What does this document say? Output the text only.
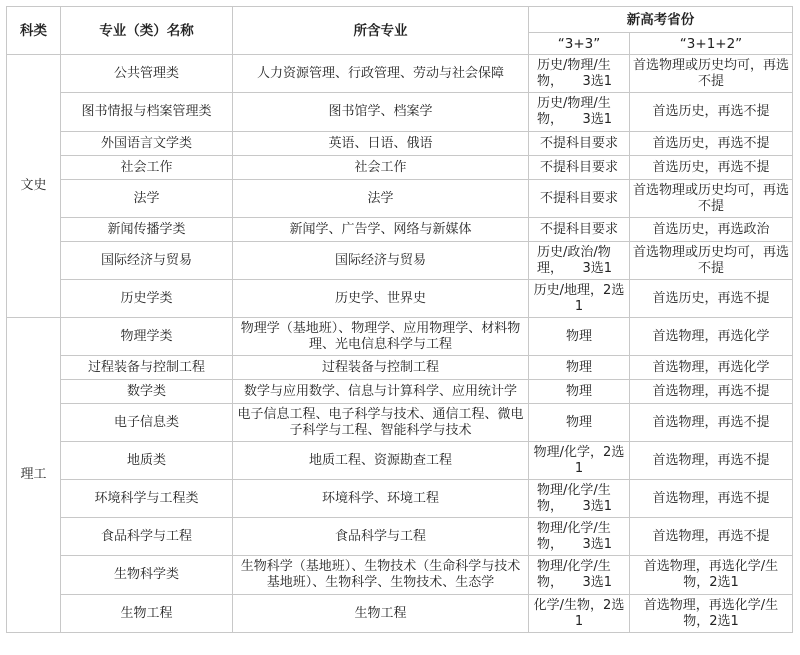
科类	专业（类）名称	所含专业	新高考省份	
			“3+3”	“3+1+2”
文史	公共管理类	人力资源管理、行政管理、劳动与社会保障	历史/物理/生物，　　3选1	首选物理或历史均可，再选不提
	图书情报与档案管理类	图书馆学、档案学	历史/物理/生物，　　3选1	首选历史，再选不提
	外国语言文学类	英语、日语、俄语	不提科目要求	首选历史，再选不提
	社会工作	社会工作	不提科目要求	首选历史，再选不提
	法学	法学	不提科目要求	首选物理或历史均可，再选不提
	新闻传播学类	新闻学、广告学、网络与新媒体	不提科目要求	首选历史，再选政治
	国际经济与贸易	国际经济与贸易	历史/政治/物理，　　3选1	首选物理或历史均可，再选不提
	历史学类	历史学、世界史	历史/地理，2选1	首选历史，再选不提
理工	物理学类	物理学（基地班）、物理学、应用物理学、材料物理、光电信息科学与工程	物理	首选物理，再选化学
	过程装备与控制工程	过程装备与控制工程	物理	首选物理，再选化学
	数学类	数学与应用数学、信息与计算科学、应用统计学	物理	首选物理，再选不提
	电子信息类	电子信息工程、电子科学与技术、通信工程、微电子科学与工程、智能科学与技术	物理	首选物理，再选不提
	地质类	地质工程、资源勘查工程	物理/化学，2选1	首选物理，再选不提
	环境科学与工程类	环境科学、环境工程	物理/化学/生物，　　3选1	首选物理，再选不提
	食品科学与工程	食品科学与工程	物理/化学/生物，　　3选1	首选物理，再选不提
	生物科学类	生物科学（基地班）、生物技术（生命科学与技术基地班）、生物科学、生物技术、生态学	物理/化学/生物，　　3选1	首选物理，再选化学/生物，2选1
	生物工程	生物工程	化学/生物，2选1	首选物理，再选化学/生物，2选1
